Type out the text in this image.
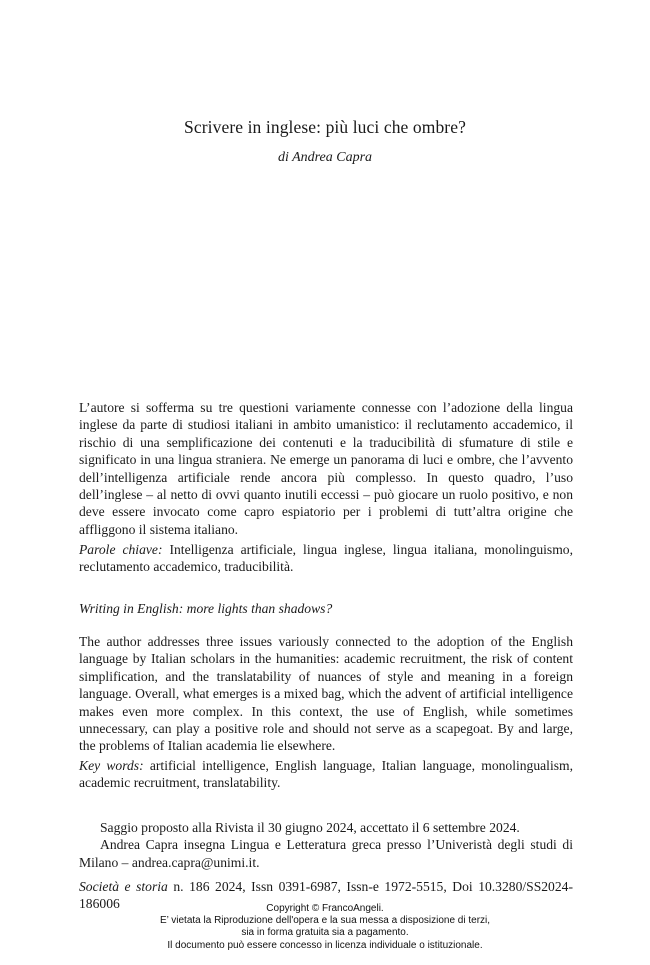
Scrivere in inglese: più luci che ombre?
di Andrea Capra
L’autore si sofferma su tre questioni variamente connesse con l’adozione della lingua inglese da parte di studiosi italiani in ambito umanistico: il reclutamento accademico, il rischio di una semplificazione dei contenuti e la traducibilità di sfumature di stile e significato in una lingua straniera. Ne emerge un panorama di luci e ombre, che l’avvento dell’intelligenza artificiale rende ancora più complesso. In questo quadro, l’uso dell’inglese – al netto di ovvi quanto inutili eccessi – può giocare un ruolo positivo, e non deve essere invocato come capro espiatorio per i problemi di tutt’altra origine che affliggono il sistema italiano.
Parole chiave: Intelligenza artificiale, lingua inglese, lingua italiana, monolinguismo, reclutamento accademico, traducibilità.
Writing in English: more lights than shadows?
The author addresses three issues variously connected to the adoption of the English language by Italian scholars in the humanities: academic recruitment, the risk of content simplification, and the translatability of nuances of style and meaning in a foreign language. Overall, what emerges is a mixed bag, which the advent of artificial intelligence makes even more complex. In this context, the use of English, while sometimes unnecessary, can play a positive role and should not serve as a scapegoat. By and large, the problems of Italian academia lie elsewhere.
Key words: artificial intelligence, English language, Italian language, monolingualism, academic recruitment, translatability.
Saggio proposto alla Rivista il 30 giugno 2024, accettato il 6 settembre 2024.
Andrea Capra insegna Lingua e Letteratura greca presso l’Univeristà degli studi di Milano – andrea.capra@unimi.it.
Società e storia n. 186 2024, Issn 0391-6987, Issn-e 1972-5515, Doi 10.3280/SS2024-186006	Copyright © FrancoAngeli.
E’ vietata la Riproduzione dell'opera e la sua messa a disposizione di terzi,
sia in forma gratuita sia a pagamento.
Il documento può essere concesso in licenza individuale o istituzionale.
